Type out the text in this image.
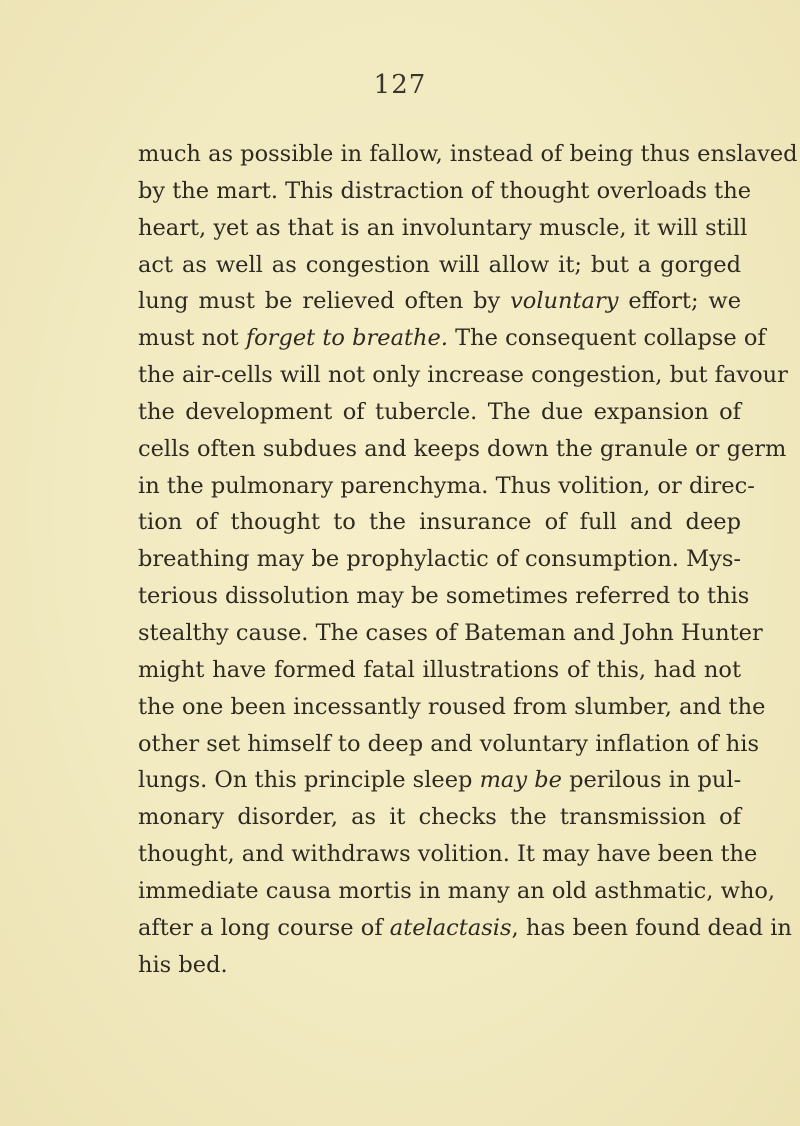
127
much as possible in fallow, instead of being thus enslaved
by the mart. This distraction of thought overloads the
heart, yet as that is an involuntary muscle, it will still
act as well as congestion will allow it; but a gorged
lung must be relieved often by voluntary effort; we
must not forget to breathe. The consequent collapse of
the air-cells will not only increase congestion, but favour
the development of tubercle. The due expansion of
cells often subdues and keeps down the granule or germ
in the pulmonary parenchyma. Thus volition, or direc-
tion of thought to the insurance of full and deep
breathing may be prophylactic of consumption. Mys-
terious dissolution may be sometimes referred to this
stealthy cause. The cases of Bateman and John Hunter
might have formed fatal illustrations of this, had not
the one been incessantly roused from slumber, and the
other set himself to deep and voluntary inflation of his
lungs. On this principle sleep may be perilous in pul-
monary disorder, as it checks the transmission of
thought, and withdraws volition. It may have been the
immediate causa mortis in many an old asthmatic, who,
after a long course of atelactasis, has been found dead in
his bed.
